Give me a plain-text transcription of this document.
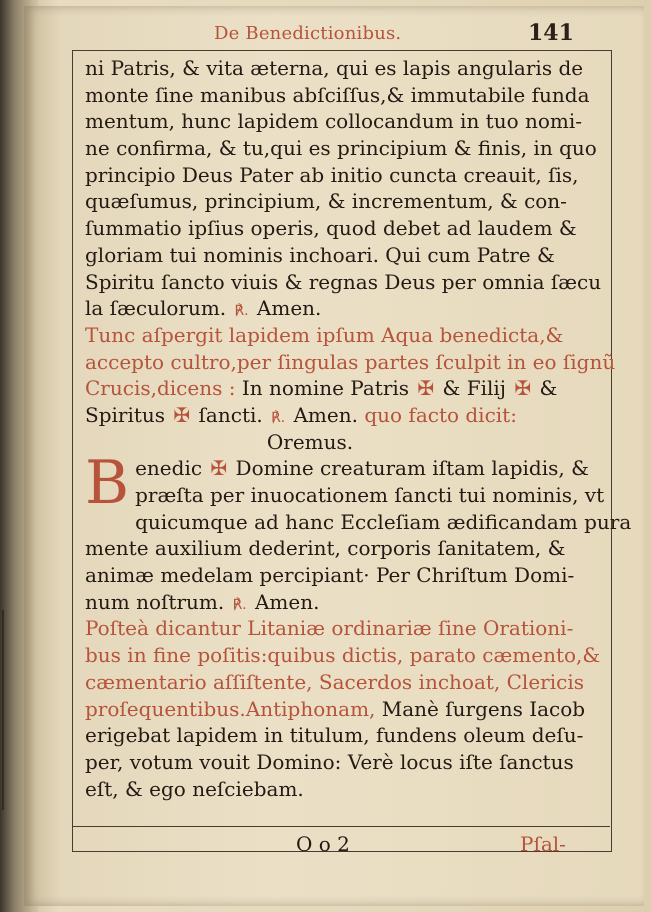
De Benedictionibus.	141
ni Patris, & vita æterna, qui es lapis angularis de
monte ſine manibus abſciſſus,& immutabile funda
mentum, hunc lapidem collocandum in tuo nomi-
ne confirma, & tu,qui es principium & finis, in quo
principio Deus Pater ab initio cuncta creauit, ſis,
quæſumus, principium, & incrementum, & con-
ſummatio ipſius operis, quod debet ad laudem &
gloriam tui nominis inchoari. Qui cum Patre &
Spiritu ſancto viuis & regnas Deus per omnia ſæcu
la ſæculorum. ℟. Amen.
Tunc aſpergit lapidem ipſum Aqua benedicta,&
accepto cultro,per ſingulas partes ſculpit in eo ſignũ
Crucis,dicens : In nomine Patris ✠ & Filij ✠ &
Spiritus ✠ ſancti. ℟. Amen. quo facto dicit:
Oremus.
B enedic ✠ Domine creaturam iſtam lapidis, &
præſta per inuocationem ſancti tui nominis, vt
quicumque ad hanc Eccleſiam ædificandam pura
mente auxilium dederint, corporis ſanitatem, &
animæ medelam percipiant· Per Chriſtum Domi-
num noſtrum. ℟. Amen.
Poſteà dicantur Litaniæ ordinariæ ſine Orationi-
bus in fine poſitis:quibus dictis, parato cæmento,&
cæmentario aſſiſtente, Sacerdos inchoat, Clericis
proſequentibus.Antiphonam, Manè ſurgens Iacob
erigebat lapidem in titulum, fundens oleum deſu-
per, votum vouit Domino: Verè locus iſte ſanctus
eſt, & ego neſciebam.
O o 2	Pſal-
